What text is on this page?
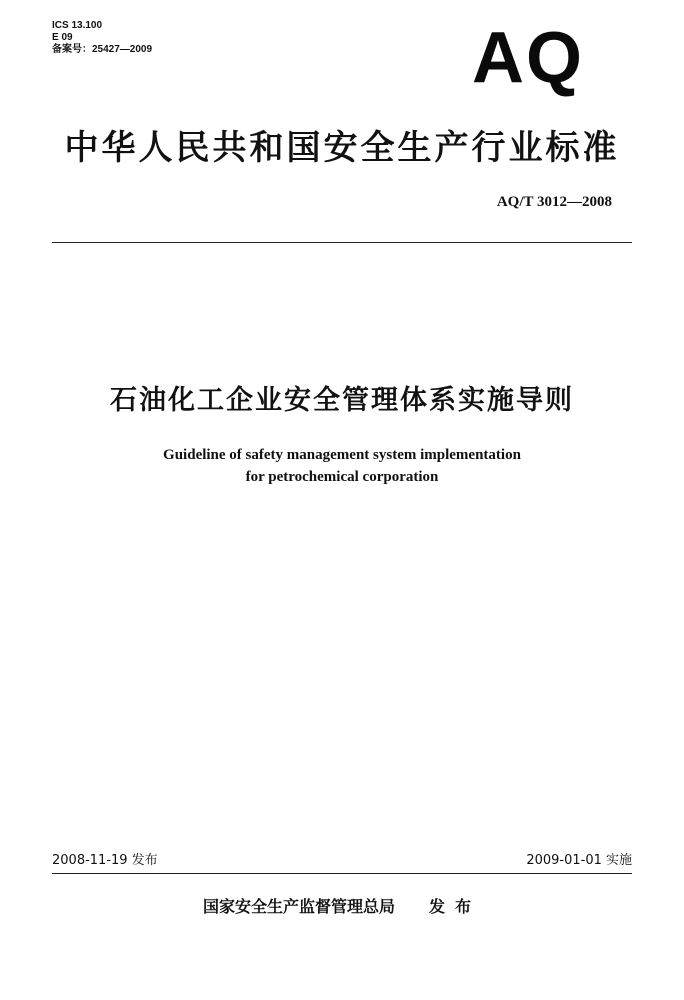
ICS 13.100
E 09
备案号：25427—2009	AQ
中华人民共和国安全生产行业标准
AQ/T 3012—2008
石油化工企业安全管理体系实施导则
Guideline of safety management system implementation
for petrochemical corporation
2008-11-19 发布	2009-01-01 实施
国家安全生产监督管理总局 发布
